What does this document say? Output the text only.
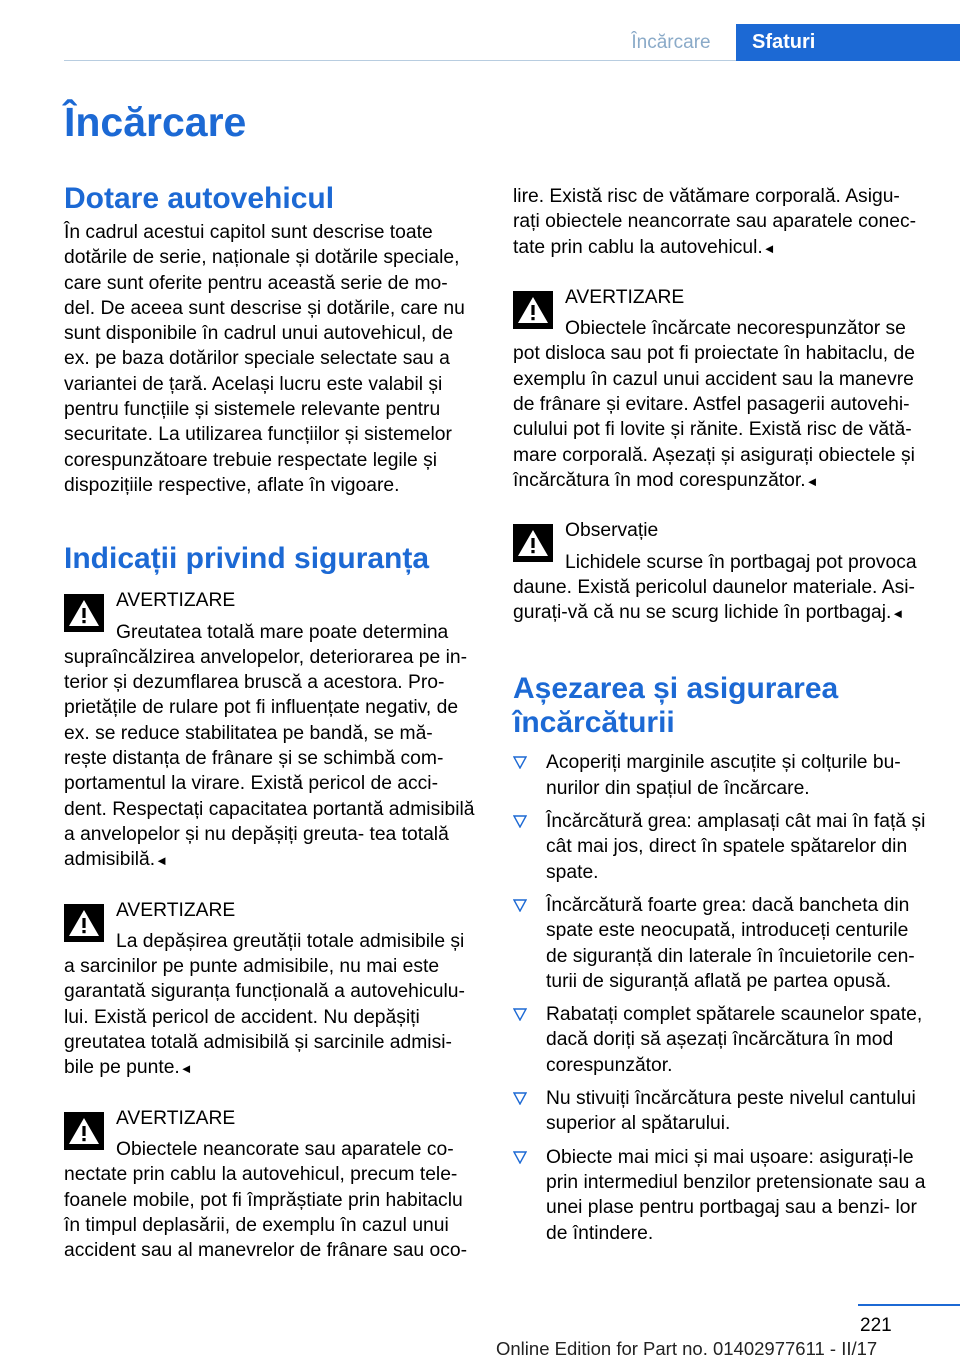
Încărcare	Sfaturi
Încărcare
Dotare autovehicul

În cadrul acestui capitol sunt descrise toate dotările de serie, naționale și dotările speciale, care sunt oferite pentru această serie de mo‐ del. De aceea sunt descrise și dotările, care nu sunt disponibile în cadrul unui autovehicul, de ex. pe baza dotărilor speciale selectate sau a variantei de țară. Același lucru este valabil și pentru funcțiile și sistemele relevante pentru securitate. La utilizarea funcțiilor și sistemelor corespunzătoare trebuie respectate legile și dispozițiile respective, aflate în vigoare.

Indicații privind siguranța
AVERTIZARE
Greutatea totală mare poate determina supraîncălzirea anvelopelor, deteriorarea pe in‐ terior și dezumflarea bruscă a acestora. Pro‐ prietățile de rulare pot fi influențate negativ, de ex. se reduce stabilitatea pe bandă, se mă‐ rește distanța de frânare și se schimbă com‐ portamentul la virare. Există pericol de acci‐ dent. Respectați capacitatea portantă admisibilă a anvelopelor și nu depășiți greuta‐ tea totală admisibilă.◄
AVERTIZARE
La depășirea greutății totale admisibile și a sarcinilor pe punte admisibile, nu mai este garantată siguranța funcțională a autovehiculu‐ lui. Există pericol de accident. Nu depășiți greutatea totală admisibilă și sarcinile admisi‐ bile pe punte.◄
AVERTIZARE
Obiectele neancorate sau aparatele co‐ nectate prin cablu la autovehicul, precum tele‐ foanele mobile, pot fi împrăștiate prin habitaclu în timpul deplasării, de exemplu în cazul unui accident sau al manevrelor de frânare sau oco‐

lire. Există risc de vătămare corporală. Asigu‐ rați obiectele neancorrate sau aparatele conec‐ tate prin cablu la autovehicul.◄

AVERTIZARE
Obiectele încărcate necorespunzător se pot disloca sau pot fi proiectate în habitaclu, de exemplu în cazul unui accident sau la manevre de frânare și evitare. Astfel pasagerii autovehi‐ culului pot fi lovite și rănite. Există risc de vătă‐ mare corporală. Așezați și asigurați obiectele și încărcătura în mod corespunzător.◄
Observație
Lichidele scurse în portbagaj pot provoca daune. Există pericolul daunelor materiale. Asi‐ gurați-vă că nu se scurg lichide în portbagaj.◄
Așezarea și asigurarea
încărcăturii
Acoperiți marginile ascuțite și colțurile bu‐ nurilor din spațiul de încărcare.
Încărcătură grea: amplasați cât mai în față și cât mai jos, direct în spatele spătarelor din spate.
Încărcătură foarte grea: dacă bancheta din spate este neocupată, introduceți centurile de siguranță din laterale în încuietorile cen‐ turii de siguranță aflată pe partea opusă.
Rabatați complet spătarele scaunelor spate, dacă doriți să așezați încărcătura în mod corespunzător.
Nu stivuiți încărcătura peste nivelul cantului superior al spătarului.
Obiecte mai mici și mai ușoare: asigurați-le prin intermediul benzilor pretensionate sau a unei plase pentru portbagaj sau a benzi‐ lor de întindere.
221
Online Edition for Part no. 01402977611 - II/17
